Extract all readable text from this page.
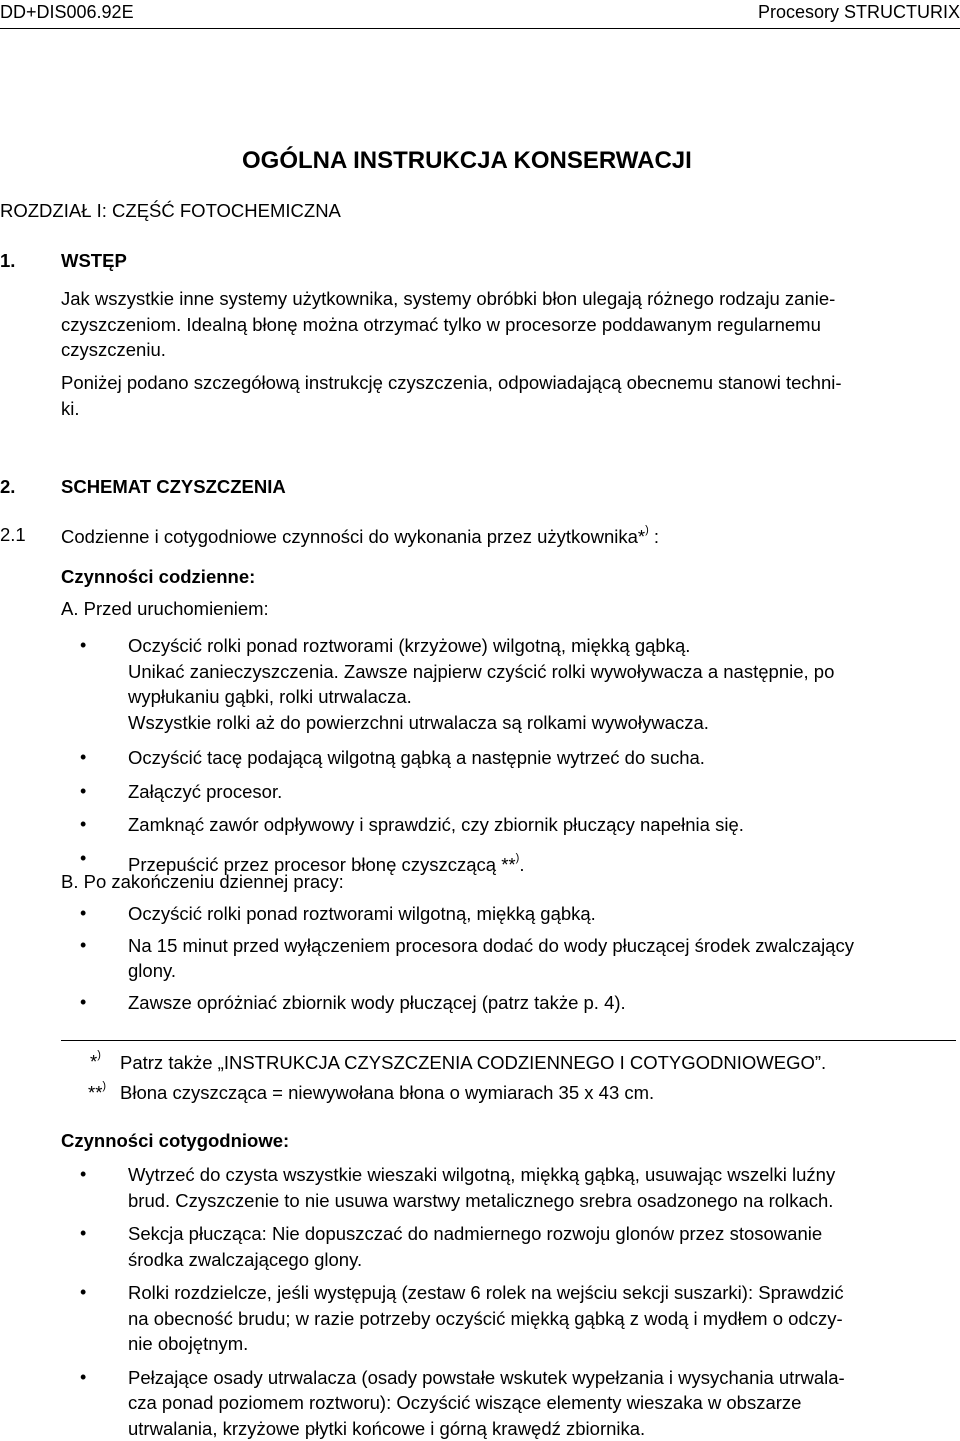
DD+DIS006.92E	Procesory STRUCTURIX
OGÓLNA INSTRUKCJA KONSERWACJI
ROZDZIAŁ I: CZĘŚĆ FOTOCHEMICZNA
1. WSTĘP
Jak wszystkie inne systemy użytkownika, systemy obróbki błon ulegają różnego rodzaju zanie-
czyszczeniom. Idealną błonę można otrzymać tylko w procesorze poddawanym regularnemu
czyszczeniu.
Poniżej podano szczegółową instrukcję czyszczenia, odpowiadającą obecnemu stanowi techni-
ki.
2. SCHEMAT CZYSZCZENIA
2.1 Codzienne i cotygodniowe czynności do wykonania przez użytkownika*) :
Czynności codzienne:
A. Przed uruchomieniem:
• Oczyścić rolki ponad roztworami (krzyżowe) wilgotną, miękką gąbką.
Unikać zanieczyszczenia. Zawsze najpierw czyścić rolki wywoływacza a następnie, po
wypłukaniu gąbki, rolki utrwalacza.
Wszystkie rolki aż do powierzchni utrwalacza są rolkami wywoływacza.
• Oczyścić tacę podającą wilgotną gąbką a następnie wytrzeć do sucha.
• Załączyć procesor.
• Zamknąć zawór odpływowy i sprawdzić, czy zbiornik płuczący napełnia się.
• Przepuścić przez procesor błonę czyszczącą **).
B. Po zakończeniu dziennej pracy:
• Oczyścić rolki ponad roztworami wilgotną, miękką gąbką.
• Na 15 minut przed wyłączeniem procesora dodać do wody płuczącej środek zwalczający
glony.
• Zawsze opróżniać zbiornik wody płuczącej (patrz także p. 4).
*) Patrz także „INSTRUKCJA CZYSZCZENIA CODZIENNEGO I COTYGODNIOWEGO”.
**) Błona czyszcząca = niewywołana błona o wymiarach 35 x 43 cm.
Czynności cotygodniowe:
• Wytrzeć do czysta wszystkie wieszaki wilgotną, miękką gąbką, usuwając wszelki luźny
brud. Czyszczenie to nie usuwa warstwy metalicznego srebra osadzonego na rolkach.
• Sekcja płucząca: Nie dopuszczać do nadmiernego rozwoju glonów przez stosowanie
środka zwalczającego glony.
• Rolki rozdzielcze, jeśli występują (zestaw 6 rolek na wejściu sekcji suszarki): Sprawdzić
na obecność brudu; w razie potrzeby oczyścić miękką gąbką z wodą i mydłem o odczy-
nie obojętnym.
• Pełzające osady utrwalacza (osady powstałe wskutek wypełzania i wysychania utrwala-
cza ponad poziomem roztworu): Oczyścić wiszące elementy wieszaka w obszarze
utrwalania, krzyżowe płytki końcowe i górną krawędź zbiornika.
